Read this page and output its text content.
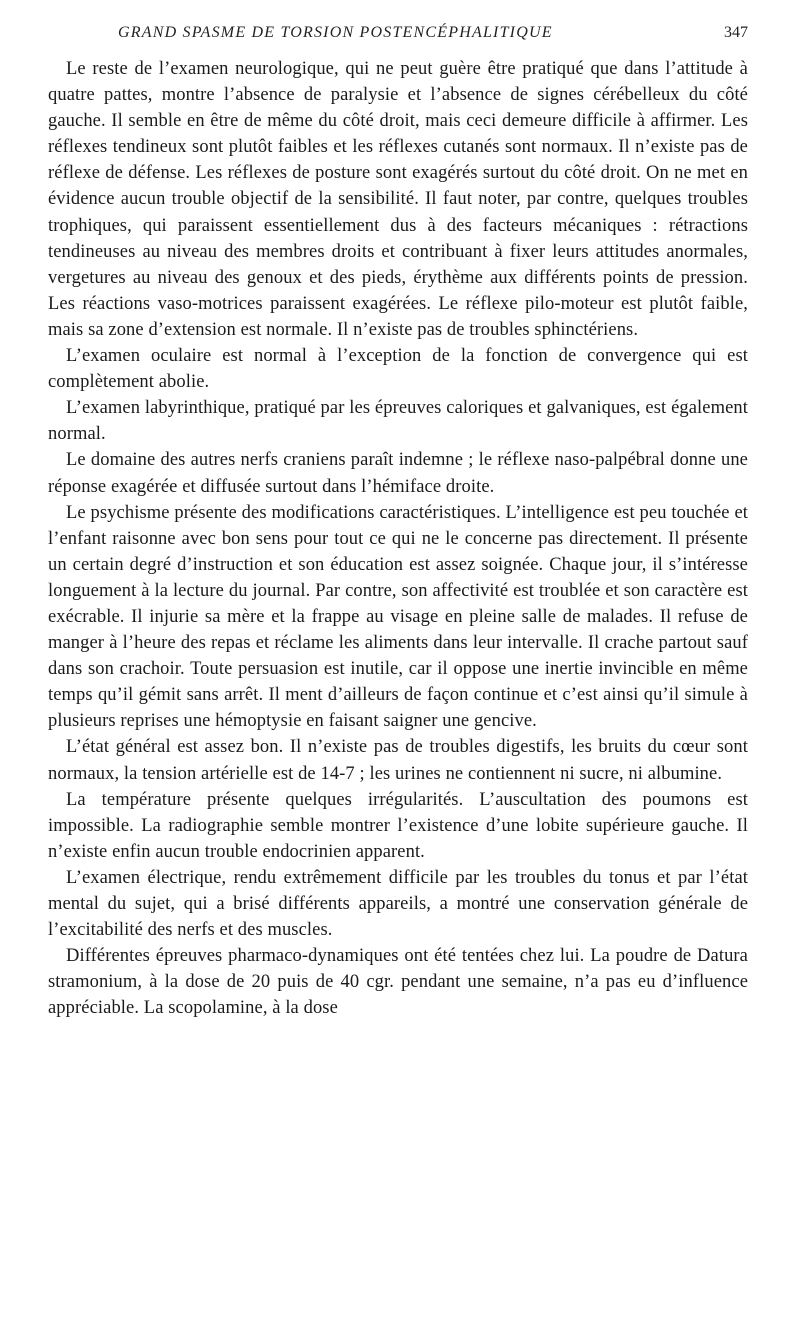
GRAND SPASME DE TORSION POSTENCÉPHALITIQUE	347

Le reste de l’examen neurologique, qui ne peut guère être pratiqué que dans l’attitude à quatre pattes, montre l’absence de paralysie et l’absence de signes cérébelleux du côté gauche. Il semble en être de même du côté droit, mais ceci demeure difficile à affirmer. Les réflexes tendineux sont plutôt faibles et les réflexes cutanés sont normaux. Il n’existe pas de réflexe de défense. Les réflexes de posture sont exagérés surtout du côté droit. On ne met en évidence aucun trouble objectif de la sensibilité. Il faut noter, par contre, quelques troubles trophiques, qui paraissent essentiellement dus à des facteurs mécaniques : rétractions tendineuses au niveau des membres droits et contribuant à fixer leurs attitudes anormales, vergetures au niveau des genoux et des pieds, érythème aux différents points de pression. Les réactions vaso-motrices paraissent exagérées. Le réflexe pilo-moteur est plutôt faible, mais sa zone d’extension est normale. Il n’existe pas de troubles sphinctériens.

L’examen oculaire est normal à l’exception de la fonction de convergence qui est complètement abolie.

L’examen labyrinthique, pratiqué par les épreuves caloriques et galvaniques, est également normal.

Le domaine des autres nerfs craniens paraît indemne ; le réflexe naso-palpébral donne une réponse exagérée et diffusée surtout dans l’hémiface droite.

Le psychisme présente des modifications caractéristiques. L’intelligence est peu touchée et l’enfant raisonne avec bon sens pour tout ce qui ne le concerne pas directement. Il présente un certain degré d’instruction et son éducation est assez soignée. Chaque jour, il s’intéresse longuement à la lecture du journal. Par contre, son affectivité est troublée et son caractère est exécrable. Il injurie sa mère et la frappe au visage en pleine salle de malades. Il refuse de manger à l’heure des repas et réclame les aliments dans leur intervalle. Il crache partout sauf dans son crachoir. Toute persuasion est inutile, car il oppose une inertie invincible en même temps qu’il gémit sans arrêt. Il ment d’ailleurs de façon continue et c’est ainsi qu’il simule à plusieurs reprises une hémoptysie en faisant saigner une gencive.

L’état général est assez bon. Il n’existe pas de troubles digestifs, les bruits du cœur sont normaux, la tension artérielle est de 14-7 ; les urines ne contiennent ni sucre, ni albumine.

La température présente quelques irrégularités. L’auscultation des poumons est impossible. La radiographie semble montrer l’existence d’une lobite supérieure gauche. Il n’existe enfin aucun trouble endocrinien apparent.

L’examen électrique, rendu extrêmement difficile par les troubles du tonus et par l’état mental du sujet, qui a brisé différents appareils, a montré une conservation générale de l’excitabilité des nerfs et des muscles.

Différentes épreuves pharmaco-dynamiques ont été tentées chez lui. La poudre de Datura stramonium, à la dose de 20 puis de 40 cgr. pendant une semaine, n’a pas eu d’influence appréciable. La scopolamine, à la dose
